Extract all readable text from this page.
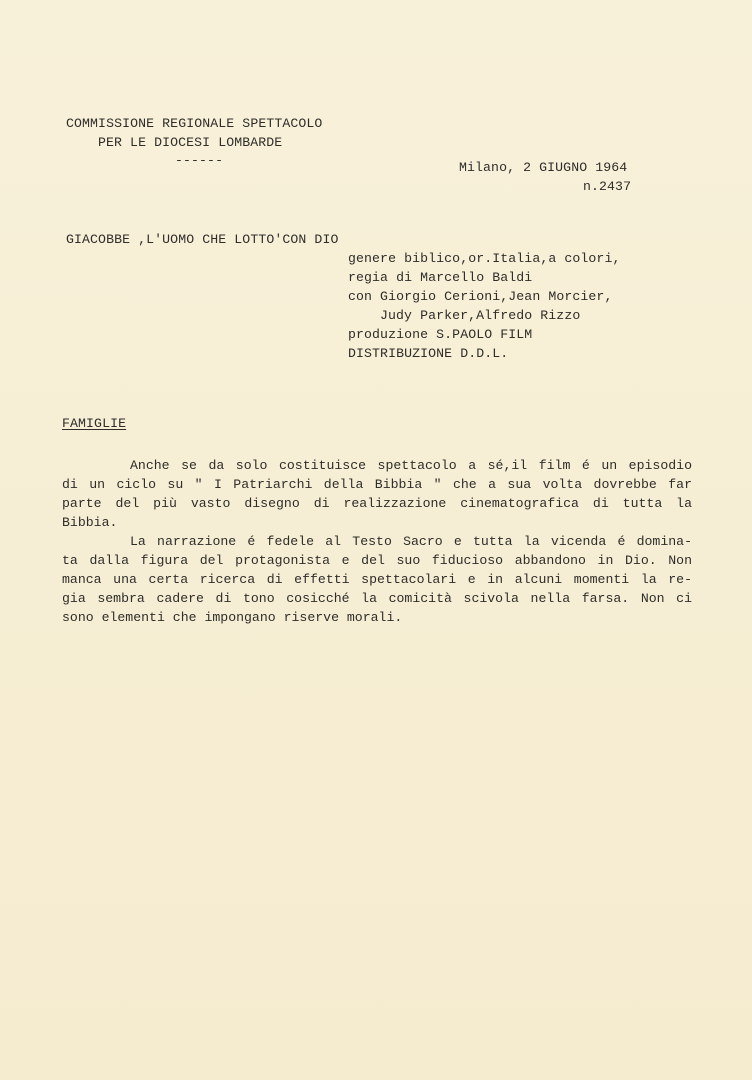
COMMISSIONE REGIONALE SPETTACOLO
PER LE DIOCESI LOMBARDE
------	Milano, 2 GIUGNO 1964
n.2437
GIACOBBE ,L'UOMO CHE LOTTO'CON DIO
genere biblico,or.Italia,a colori,
regia di Marcello Baldi
con Giorgio Cerioni,Jean Morcier,
Judy Parker,Alfredo Rizzo
produzione S.PAOLO FILM
DISTRIBUZIONE D.D.L.
FAMIGLIE
Anche se da solo costituisce spettacolo a sé,il film é un episodio
di un ciclo su " I Patriarchi della Bibbia " che a sua volta dovrebbe far
parte del più vasto disegno di realizzazione cinematografica di tutta la
Bibbia.
La narrazione é fedele al Testo Sacro e tutta la vicenda é domina-
ta dalla figura del protagonista e del suo fiducioso abbandono in Dio. Non
manca una certa ricerca di effetti spettacolari e in alcuni momenti la re-
gia sembra cadere di tono cosicché la comicità scivola nella farsa. Non ci
sono elementi che impongano riserve morali.
